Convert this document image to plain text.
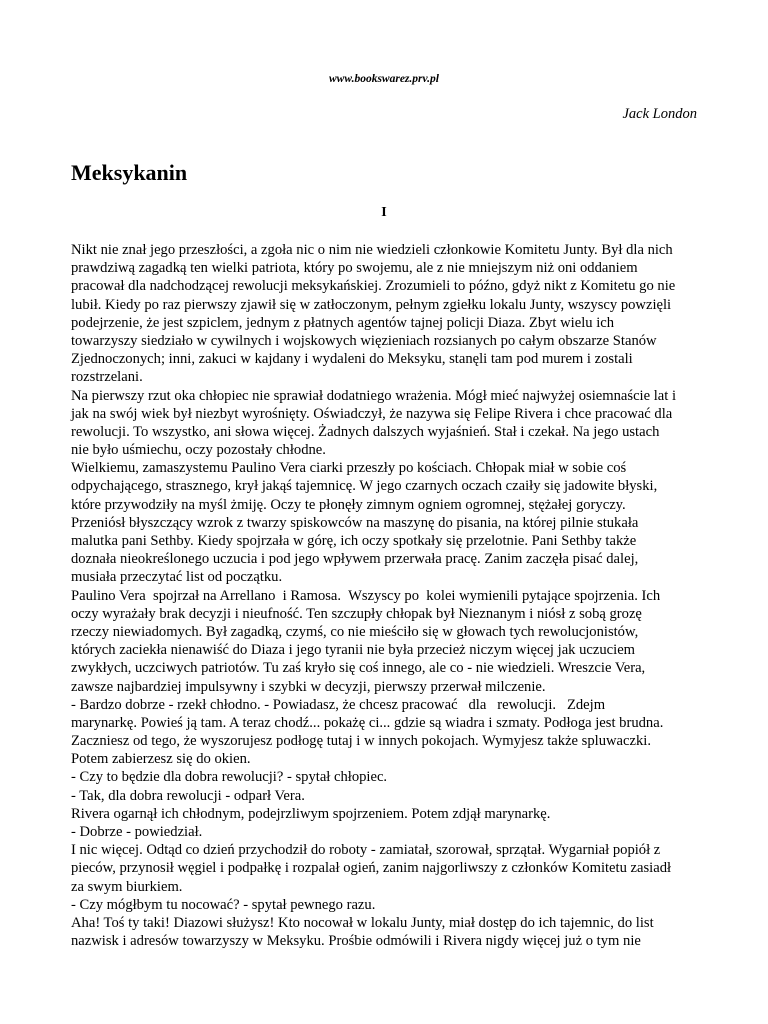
www.bookswarez.prv.pl
Jack London
Meksykanin
I
Nikt nie znał jego przeszłości, a zgoła nic o nim nie wiedzieli członkowie Komitetu Junty. Był dla nich
prawdziwą zagadką ten wielki patriota, który po swojemu, ale z nie mniejszym niż oni oddaniem
pracował dla nadchodzącej rewolucji meksykańskiej. Zrozumieli to późno, gdyż nikt z Komitetu go nie
lubił. Kiedy po raz pierwszy zjawił się w zatłoczonym, pełnym zgiełku lokalu Junty, wszyscy powzięli
podejrzenie, że jest szpiclem, jednym z płatnych agentów tajnej policji Diaza. Zbyt wielu ich
towarzyszy siedziało w cywilnych i wojskowych więzieniach rozsianych po całym obszarze Stanów
Zjednoczonych; inni, zakuci w kajdany i wydaleni do Meksyku, stanęli tam pod murem i zostali
rozstrzelani.
Na pierwszy rzut oka chłopiec nie sprawiał dodatniego wrażenia. Mógł mieć najwyżej osiemnaście lat i
jak na swój wiek był niezbyt wyrośnięty. Oświadczył, że nazywa się Felipe Rivera i chce pracować dla
rewolucji. To wszystko, ani słowa więcej. Żadnych dalszych wyjaśnień. Stał i czekał. Na jego ustach
nie było uśmiechu, oczy pozostały chłodne.
Wielkiemu, zamaszystemu Paulino Vera ciarki przeszły po kościach. Chłopak miał w sobie coś
odpychającego, strasznego, krył jakąś tajemnicę. W jego czarnych oczach czaiły się jadowite błyski,
które przywodziły na myśl żmiję. Oczy te płonęły zimnym ogniem ogromnej, stężałej goryczy.
Przeniósł błyszczący wzrok z twarzy spiskowców na maszynę do pisania, na której pilnie stukała
malutka pani Sethby. Kiedy spojrzała w górę, ich oczy spotkały się przelotnie. Pani Sethby także
doznała nieokreślonego uczucia i pod jego wpływem przerwała pracę. Zanim zaczęła pisać dalej,
musiała przeczytać list od początku.
Paulino Vera  spojrzał na Arrellano  i Ramosa.  Wszyscy po  kolei wymienili pytające spojrzenia. Ich
oczy wyrażały brak decyzji i nieufność. Ten szczupły chłopak był Nieznanym i niósł z sobą grozę
rzeczy niewiadomych. Był zagadką, czymś, co nie mieściło się w głowach tych rewolucjonistów,
których zaciekła nienawiść do Diaza i jego tyranii nie była przecież niczym więcej jak uczuciem
zwykłych, uczciwych patriotów. Tu zaś kryło się coś innego, ale co - nie wiedzieli. Wreszcie Vera,
zawsze najbardziej impulsywny i szybki w decyzji, pierwszy przerwał milczenie.
- Bardzo dobrze - rzekł chłodno. - Powiadasz, że chcesz pracować   dla   rewolucji.   Zdejm
marynarkę. Powieś ją tam. A teraz chodź... pokażę ci... gdzie są wiadra i szmaty. Podłoga jest brudna.
Zaczniesz od tego, że wyszorujesz podłogę tutaj i w innych pokojach. Wymyjesz także spluwaczki.
Potem zabierzesz się do okien.
- Czy to będzie dla dobra rewolucji? - spytał chłopiec.
- Tak, dla dobra rewolucji - odparł Vera.
Rivera ogarnął ich chłodnym, podejrzliwym spojrzeniem. Potem zdjął marynarkę.
- Dobrze - powiedział.
I nic więcej. Odtąd co dzień przychodził do roboty - zamiatał, szorował, sprzątał. Wygarniał popiół z
pieców, przynosił węgiel i podpałkę i rozpalał ogień, zanim najgorliwszy z członków Komitetu zasiadł
za swym biurkiem.
- Czy mógłbym tu nocować? - spytał pewnego razu.
Aha! Toś ty taki! Diazowi służysz! Kto nocował w lokalu Junty, miał dostęp do ich tajemnic, do list
nazwisk i adresów towarzyszy w Meksyku. Prośbie odmówili i Rivera nigdy więcej już o tym nie
